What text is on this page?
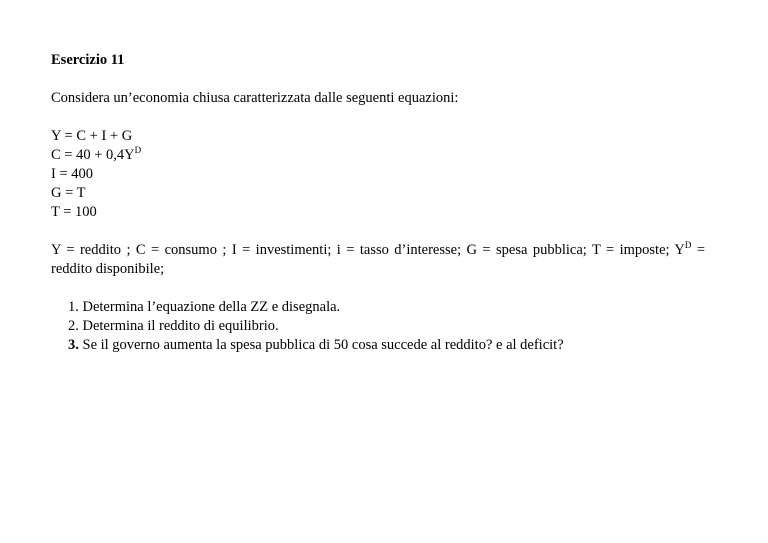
Esercizio 11
Considera un’economia chiusa caratterizzata dalle seguenti equazioni:
Y = C + I + G
$C = 40 + 0,4Y^D$
I = 400
G = T
T = 100
Y = reddito ; C = consumo ; I = investimenti; i = tasso d’interesse; G = spesa pubblica; T = imposte; $Y^D$ = reddito disponibile;
1. Determina l’equazione della ZZ e disegnala.
2. Determina il reddito di equilibrio.
3. Se il governo aumenta la spesa pubblica di 50 cosa succede al reddito? e al deficit?
